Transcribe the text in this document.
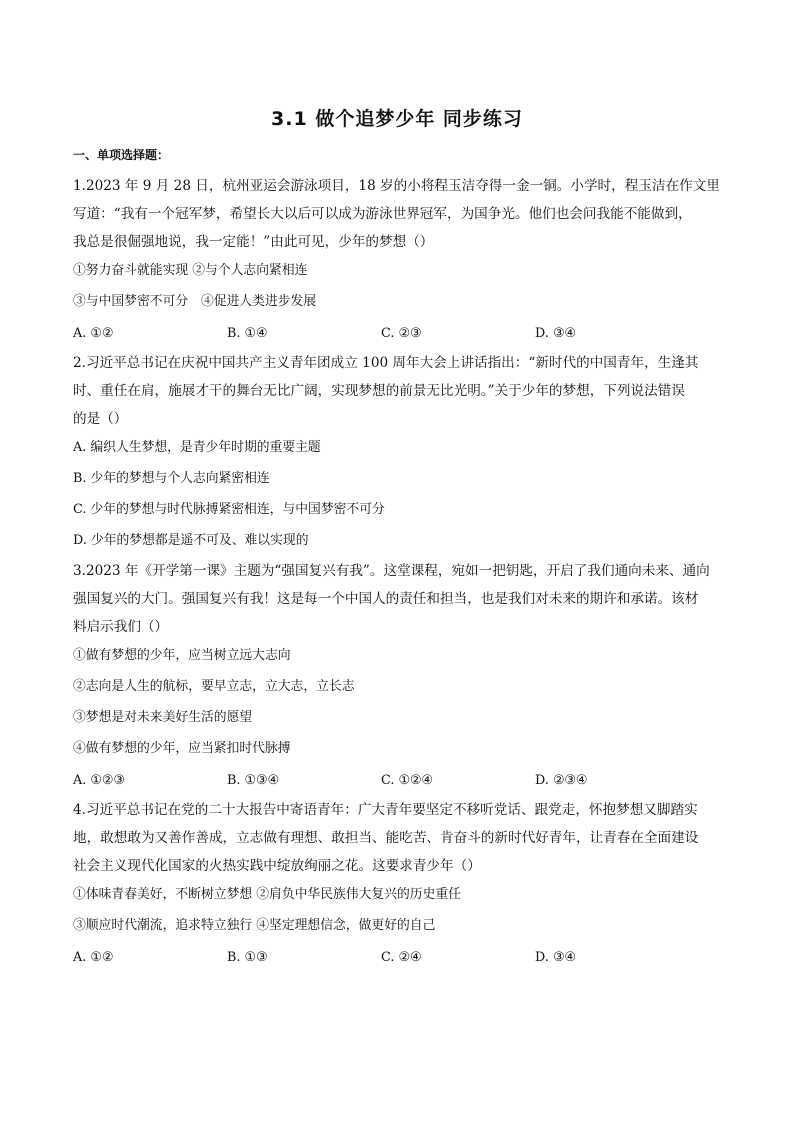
3.1 做个追梦少年 同步练习
一、单项选择题：
1.2023 年 9 月 28 日，杭州亚运会游泳项目，18 岁的小将程玉洁夺得一金一铜。小学时，程玉洁在作文里
写道：“我有一个冠军梦，希望长大以后可以成为游泳世界冠军，为国争光。他们也会问我能不能做到，
我总是很倔强地说，我一定能！”由此可见，少年的梦想（）
①努力奋斗就能实现 ②与个人志向紧相连
③与中国梦密不可分　④促进人类进步发展
A. ①②	B. ①④	C. ②③	D. ③④
2.习近平总书记在庆祝中国共产主义青年团成立 100 周年大会上讲话指出：“新时代的中国青年，生逢其
时、重任在肩，施展才干的舞台无比广阔，实现梦想的前景无比光明。”关于少年的梦想，下列说法错误
的是（）
A. 编织人生梦想，是青少年时期的重要主题
B. 少年的梦想与个人志向紧密相连
C. 少年的梦想与时代脉搏紧密相连，与中国梦密不可分
D. 少年的梦想都是遥不可及、难以实现的
3.2023 年《开学第一课》主题为“强国复兴有我”。这堂课程，宛如一把钥匙，开启了我们通向未来、通向
强国复兴的大门。强国复兴有我！这是每一个中国人的责任和担当，也是我们对未来的期许和承诺。该材
料启示我们（）
①做有梦想的少年，应当树立远大志向
②志向是人生的航标，要早立志，立大志，立长志
③梦想是对未来美好生活的愿望
④做有梦想的少年，应当紧扣时代脉搏
A. ①②③	B. ①③④	C. ①②④	D. ②③④
4.习近平总书记在党的二十大报告中寄语青年：广大青年要坚定不移听党话、跟党走，怀抱梦想又脚踏实
地，敢想敢为又善作善成，立志做有理想、敢担当、能吃苦、肯奋斗的新时代好青年，让青春在全面建设
社会主义现代化国家的火热实践中绽放绚丽之花。这要求青少年（）
①体味青春美好，不断树立梦想 ②肩负中华民族伟大复兴的历史重任
③顺应时代潮流，追求特立独行 ④坚定理想信念，做更好的自己
A. ①②	B. ①③	C. ②④	D. ③④
